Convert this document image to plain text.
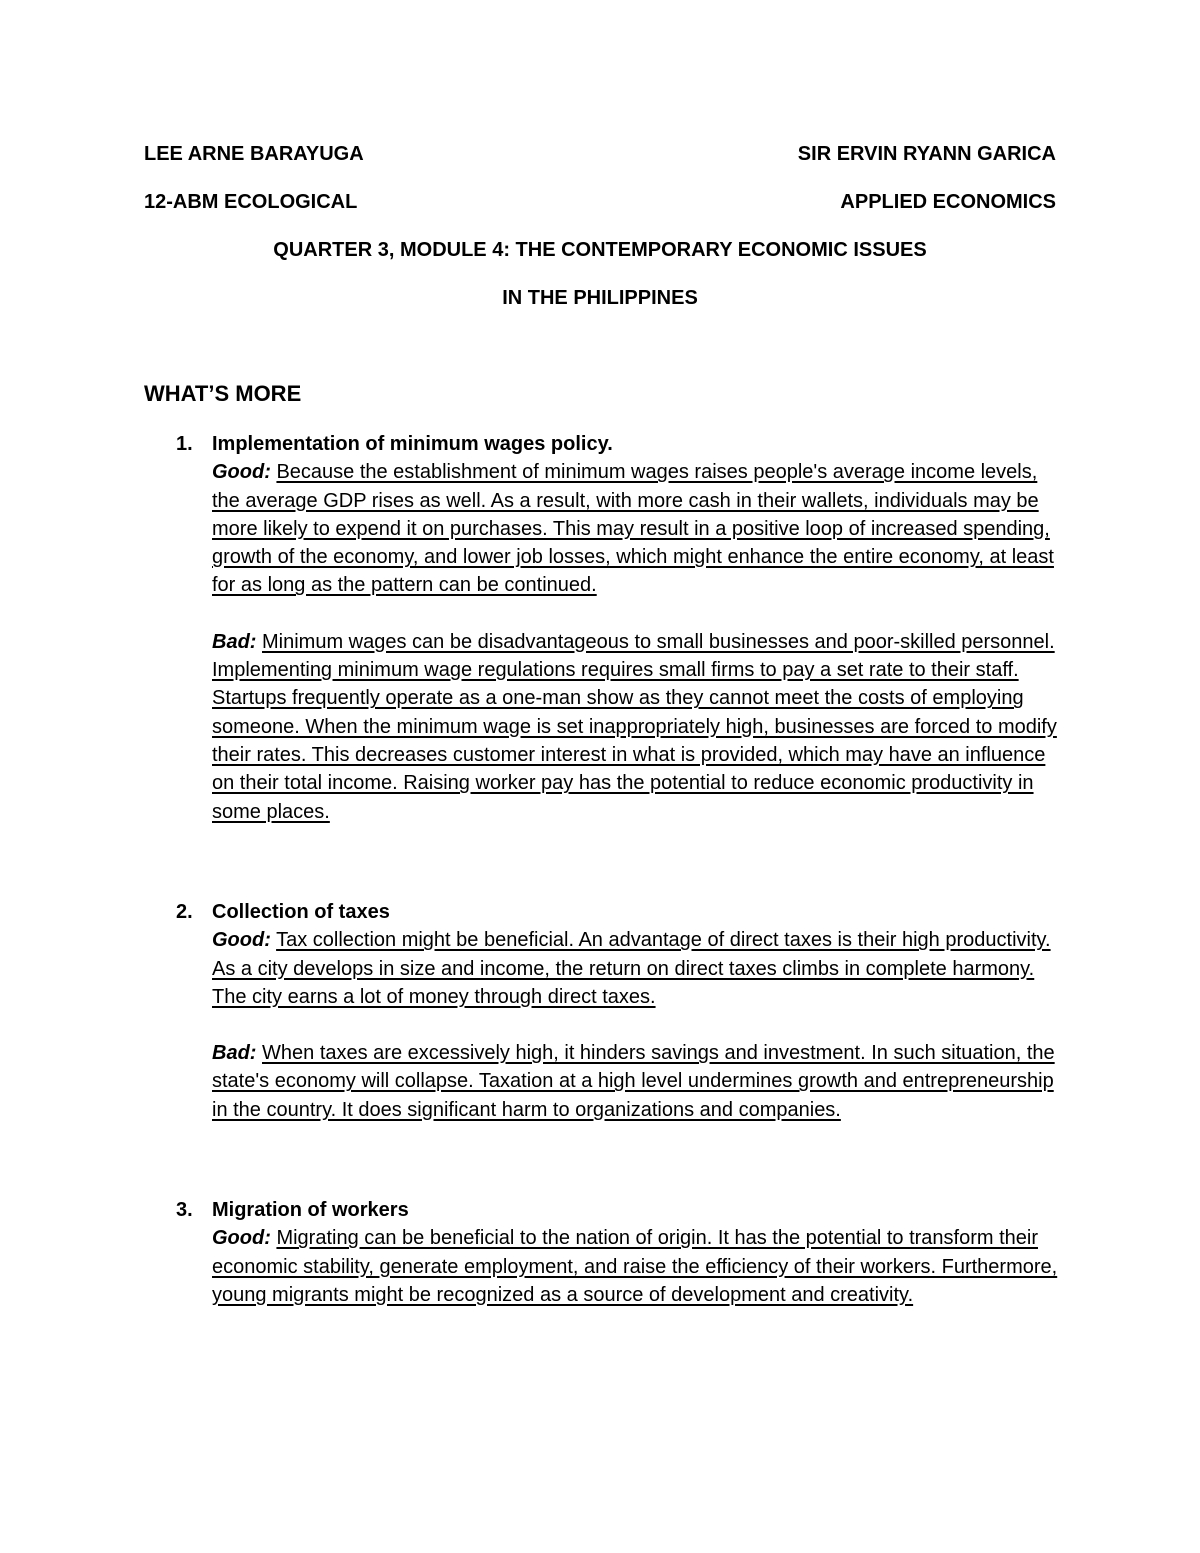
LEE ARNE BARAYUGA	SIR ERVIN RYANN GARICA
12-ABM ECOLOGICAL	APPLIED ECONOMICS
QUARTER 3, MODULE 4: THE CONTEMPORARY ECONOMIC ISSUES
IN THE PHILIPPINES
WHAT’S MORE
1. Implementation of minimum wages policy.
Good: Because the establishment of minimum wages raises people's average income levels, the average GDP rises as well. As a result, with more cash in their wallets, individuals may be more likely to expend it on purchases. This may result in a positive loop of increased spending, growth of the economy, and lower job losses, which might enhance the entire economy, at least for as long as the pattern can be continued.
Bad: Minimum wages can be disadvantageous to small businesses and poor-skilled personnel. Implementing minimum wage regulations requires small firms to pay a set rate to their staff. Startups frequently operate as a one-man show as they cannot meet the costs of employing someone. When the minimum wage is set inappropriately high, businesses are forced to modify their rates. This decreases customer interest in what is provided, which may have an influence on their total income. Raising worker pay has the potential to reduce economic productivity in some places.
2. Collection of taxes
Good: Tax collection might be beneficial. An advantage of direct taxes is their high productivity. As a city develops in size and income, the return on direct taxes climbs in complete harmony. The city earns a lot of money through direct taxes.
Bad: When taxes are excessively high, it hinders savings and investment. In such situation, the state's economy will collapse. Taxation at a high level undermines growth and entrepreneurship in the country. It does significant harm to organizations and companies.
3. Migration of workers
Good: Migrating can be beneficial to the nation of origin. It has the potential to transform their economic stability, generate employment, and raise the efficiency of their workers. Furthermore, young migrants might be recognized as a source of development and creativity.
